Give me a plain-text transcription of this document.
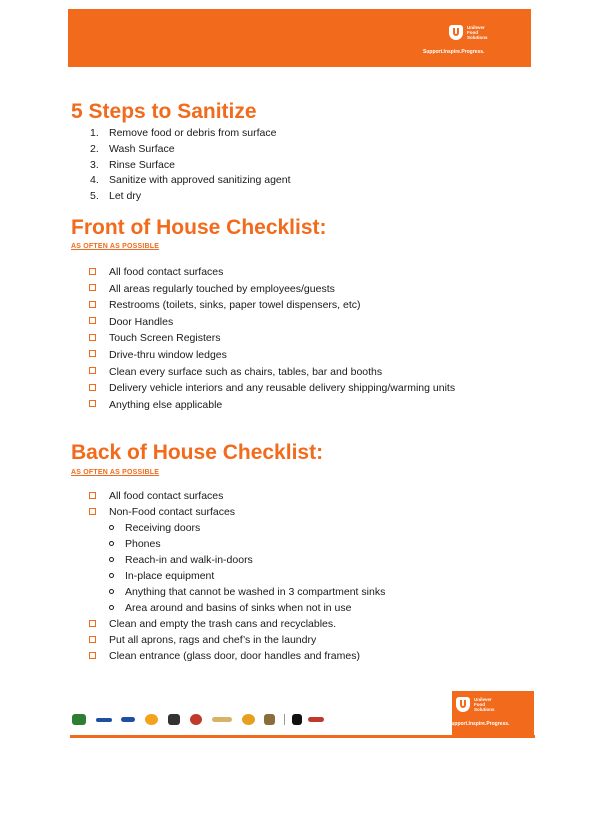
Unilever
Food
Solutions
Support.Inspire.Progress.
5 Steps to Sanitize
1. Remove food or debris from surface
2. Wash Surface
3. Rinse Surface
4. Sanitize with approved sanitizing agent
5. Let dry
Front of House Checklist:
AS OFTEN AS POSSIBLE
All food contact surfaces
All areas regularly touched by employees/guests
Restrooms (toilets, sinks, paper towel dispensers, etc)
Door Handles
Touch Screen Registers
Drive-thru window ledges
Clean every surface such as chairs, tables, bar and booths
Delivery vehicle interiors and any reusable delivery shipping/warming units
Anything else applicable
Back of House Checklist:
AS OFTEN AS POSSIBLE
All food contact surfaces
Non-Food contact surfaces
Receiving doors
Phones
Reach-in and walk-in-doors
In-place equipment
Anything that cannot be washed in 3 compartment sinks
Area around and basins of sinks when not in use
Clean and empty the trash cans and recyclables.
Put all aprons, rags and chef’s in the laundry
Clean entrance (glass door, door handles and frames)
Unilever
Food
Solutions
Support.Inspire.Progress.
